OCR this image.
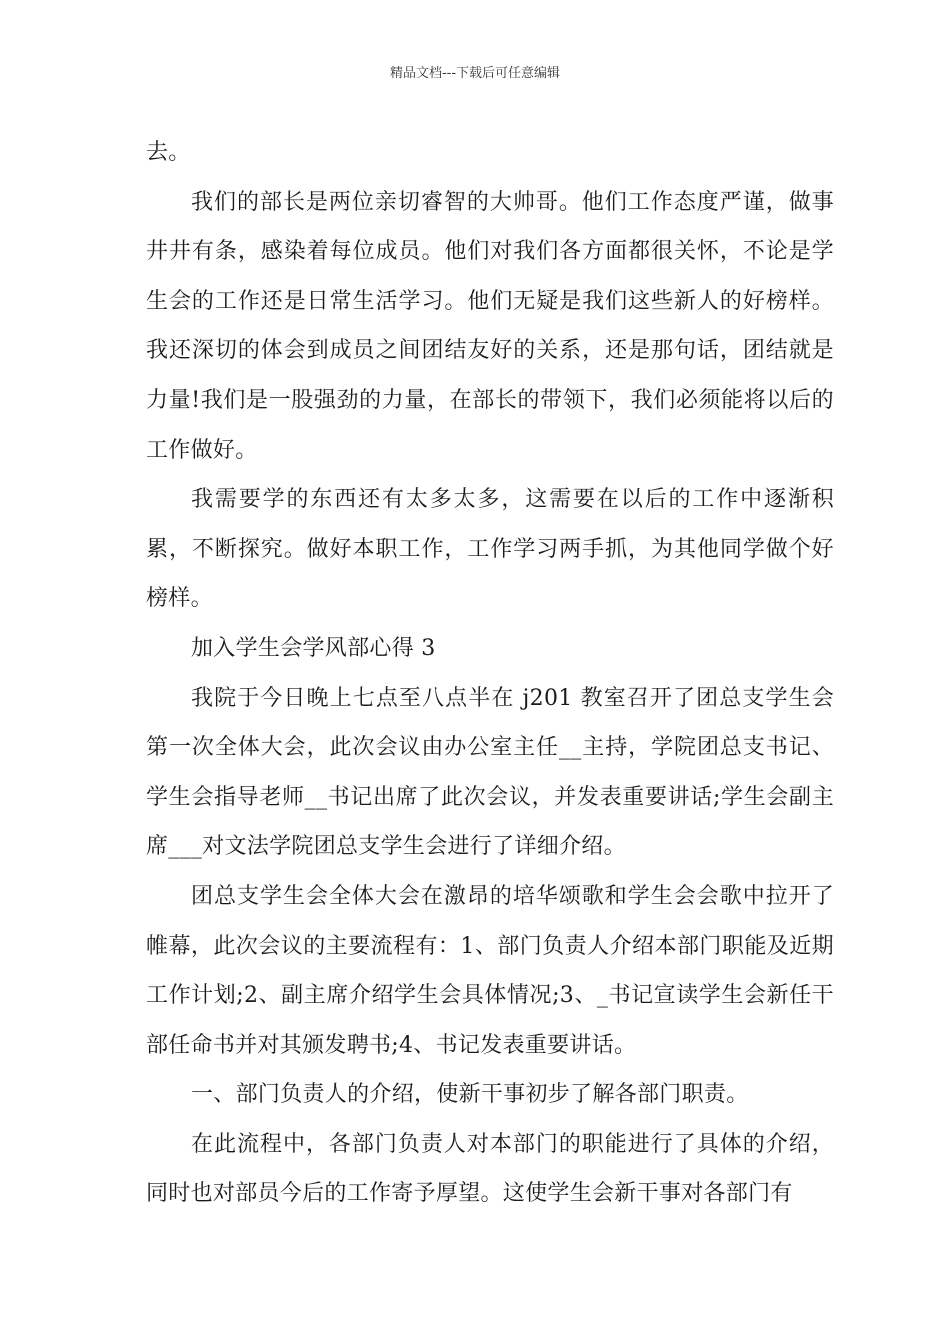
精品文档---下载后可任意编辑

去。

我们的部长是两位亲切睿智的大帅哥。他们工作态度严谨，做事井井有条，感染着每位成员。他们对我们各方面都很关怀，不论是学生会的工作还是日常生活学习。他们无疑是我们这些新人的好榜样。我还深切的体会到成员之间团结友好的关系，还是那句话，团结就是力量!我们是一股强劲的力量，在部长的带领下，我们必须能将以后的工作做好。

我需要学的东西还有太多太多，这需要在以后的工作中逐渐积累，不断探究。做好本职工作，工作学习两手抓，为其他同学做个好榜样。

加入学生会学风部心得 3

我院于今日晚上七点至八点半在 j201 教室召开了团总支学生会第一次全体大会，此次会议由办公室主任__主持，学院团总支书记、学生会指导老师__书记出席了此次会议，并发表重要讲话;学生会副主席___对文法学院团总支学生会进行了详细介绍。

团总支学生会全体大会在激昂的培华颂歌和学生会会歌中拉开了帷幕，此次会议的主要流程有：1、部门负责人介绍本部门职能及近期工作计划;2、副主席介绍学生会具体情况;3、_书记宣读学生会新任干部任命书并对其颁发聘书;4、书记发表重要讲话。

一、部门负责人的介绍，使新干事初步了解各部门职责。

在此流程中，各部门负责人对本部门的职能进行了具体的介绍，同时也对部员今后的工作寄予厚望。这使学生会新干事对各部门有
